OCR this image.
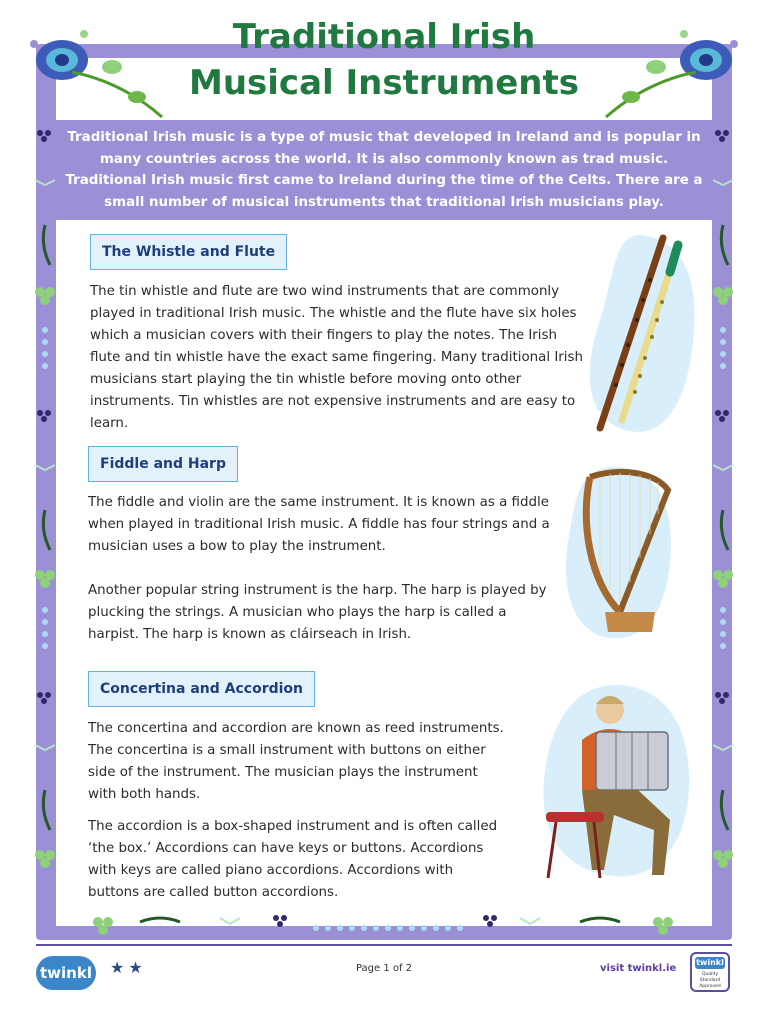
Traditional Irish
Musical Instruments

Traditional Irish music is a type of music that developed in Ireland and is popular in many countries across the world. It is also commonly known as trad music. Traditional Irish music first came to Ireland during the time of the Celts. There are a small number of musical instruments that traditional Irish musicians play.

The Whistle and Flute

The tin whistle and flute are two wind instruments that are commonly played in traditional Irish music. The whistle and the flute have six holes which a musician covers with their fingers to play the notes. The Irish flute and tin whistle have the exact same fingering. Many traditional Irish musicians start playing the tin whistle before moving onto other instruments. Tin whistles are not expensive instruments and are easy to learn.

Fiddle and Harp

The fiddle and violin are the same instrument. It is known as a fiddle when played in traditional Irish music. A fiddle has four strings and a musician uses a bow to play the instrument.

Another popular string instrument is the harp. The harp is played by plucking the strings. A musician who plays the harp is called a harpist. The harp is known as cláirseach in Irish.

Concertina and Accordion

The concertina and accordion are known as reed instruments. The concertina is a small instrument with buttons on either side of the instrument. The musician plays the instrument with both hands.

The accordion is a box-shaped instrument and is often called ‘the box.’ Accordions can have keys or buttons. Accordions with keys are called piano accordions. Accordions with buttons are called button accordions.

twinkl ★★	Page 1 of 2	visit twinkl.ie
twinkl
Quality Standard Approved
